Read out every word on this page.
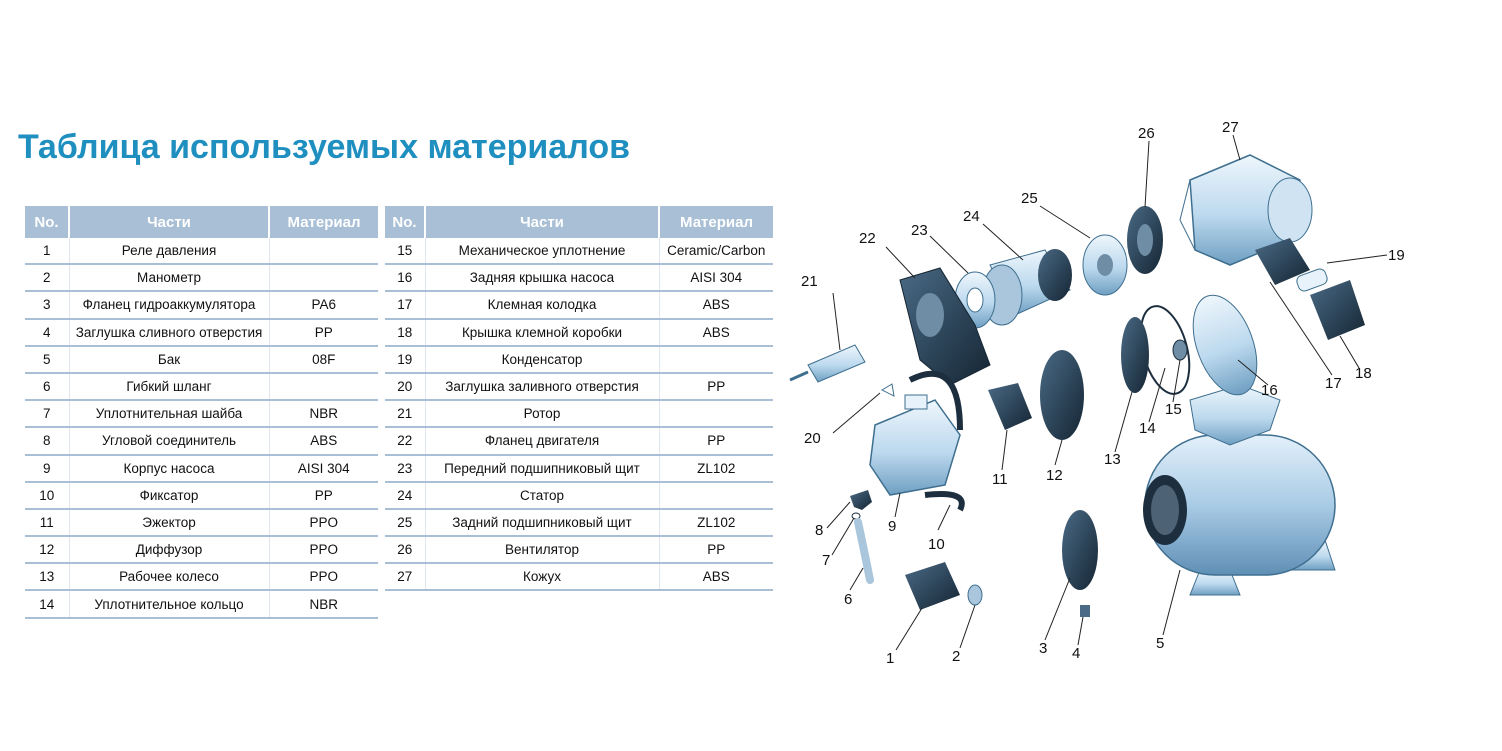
Таблица используемых материалов
No.	Части	Материал
1	Реле давления	
2	Манометр	
3	Фланец гидроаккумулятора	PA6
4	Заглушка сливного отверстия	PP
5	Бак	08F
6	Гибкий шланг	
7	Уплотнительная шайба	NBR
8	Угловой соединитель	ABS
9	Корпус насоса	AISI 304
10	Фиксатор	PP
11	Эжектор	PPO
12	Диффузор	PPO
13	Рабочее колесо	PPO
14	Уплотнительное кольцо	NBR
No.	Части	Материал
15	Механическое уплотнение	Ceramic/Carbon
16	Задняя крышка насоса	AISI 304
17	Клемная колодка	ABS
18	Крышка клемной коробки	ABS
19	Конденсатор	
20	Заглушка заливного отверстия	PP
21	Ротор	
22	Фланец двигателя	PP
23	Передний подшипниковый щит	ZL102
24	Статор	
25	Задний подшипниковый щит	ZL102
26	Вентилятор	PP
27	Кожух	ABS
1	2	3 4
5
6
7
8	9
10
11	12
13
14
15
16	17
18
19
20
21
22 23
24
25
26	27
